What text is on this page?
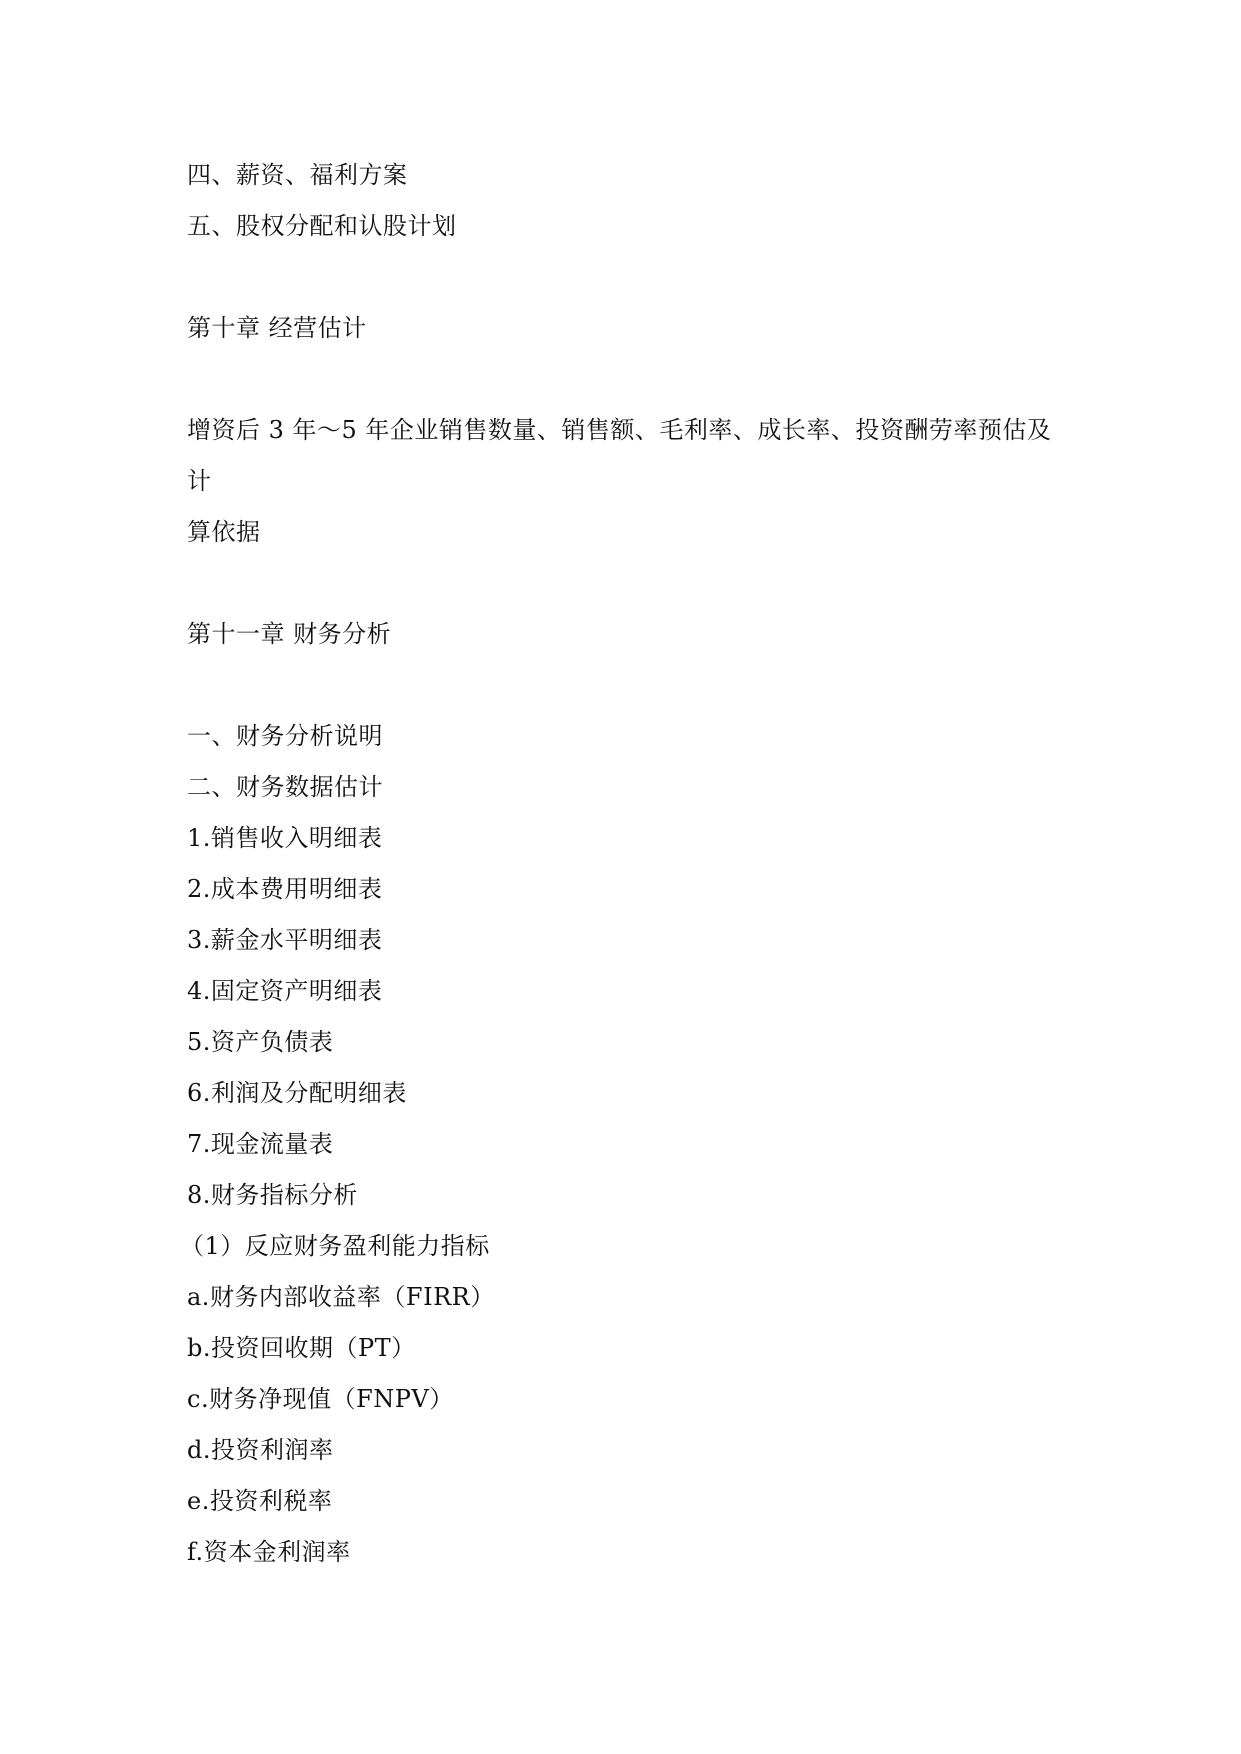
四、薪资、福利方案
五、股权分配和认股计划
第十章 经营估计
增资后 3 年～5 年企业销售数量、销售额、毛利率、成长率、投资酬劳率预估及
计
算依据
第十一章 财务分析
一、财务分析说明
二、财务数据估计
1.销售收入明细表
2.成本费用明细表
3.薪金水平明细表
4.固定资产明细表
5.资产负债表
6.利润及分配明细表
7.现金流量表
8.财务指标分析
（1）反应财务盈利能力指标
a.财务内部收益率（FIRR）
b.投资回收期（PT）
c.财务净现值（FNPV）
d.投资利润率
e.投资利税率
f.资本金利润率
